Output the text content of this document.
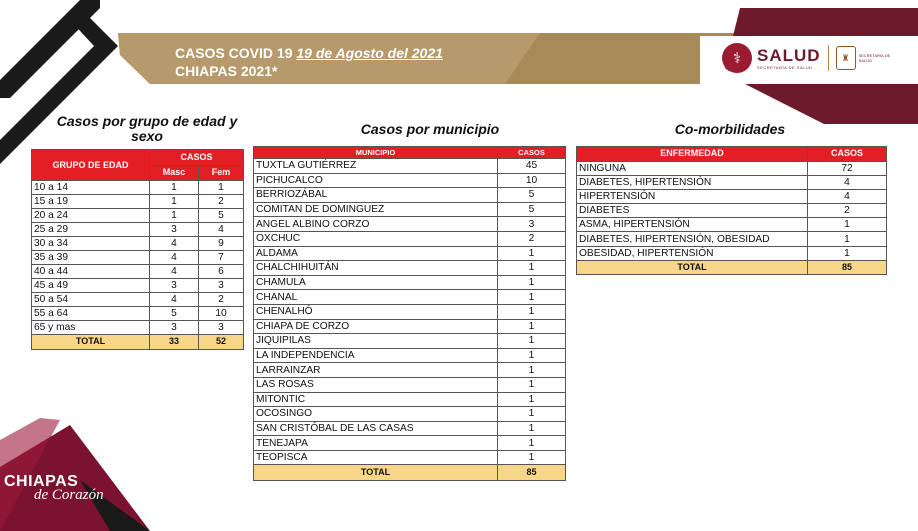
CASOS COVID 19 19 de Agosto del 2021
CHIAPAS 2021*
⚕ SALUD
SECRETARÍA DE SALUD
♜	SECRETARÍA DE SALUD
Casos por grupo de edad y sexo	Casos por municipio	Co-morbilidades
GRUPO DE EDAD	CASOS	
	Masc	Fem
10 a 14	1	1
15 a 19	1	2
20 a 24	1	5
25 a 29	3	4
30 a 34	4	9
35 a 39	4	7
40 a 44	4	6
45 a 49	3	3
50 a 54	4	2
55 a 64	5	10
65 y mas	3	3
TOTAL	33	52
MUNICIPIO	CASOS
TUXTLA GUTIÉRREZ	45
PICHUCALCO	10
BERRIOZÁBAL	5
COMITAN DE DOMINGUEZ	5
ANGEL ALBINO CORZO	3
OXCHUC	2
ALDAMA	1
CHALCHIHUITÁN	1
CHAMULA	1
CHANAL	1
CHENALHÓ	1
CHIAPA DE CORZO	1
JIQUIPILAS	1
LA INDEPENDENCIA	1
LARRAINZAR	1
LAS ROSAS	1
MITONTIC	1
OCOSINGO	1
SAN CRISTÓBAL DE LAS CASAS	1
TENEJAPA	1
TEOPISCA	1
TOTAL	85
ENFERMEDAD	CASOS
NINGUNA	72
DIABETES, HIPERTENSIÓN	4
HIPERTENSIÓN	4
DIABETES	2
ASMA, HIPERTENSIÓN	1
DIABETES, HIPERTENSIÓN, OBESIDAD	1
OBESIDAD, HIPERTENSIÓN	1
TOTAL	85
CHIAPAS
de Corazón
